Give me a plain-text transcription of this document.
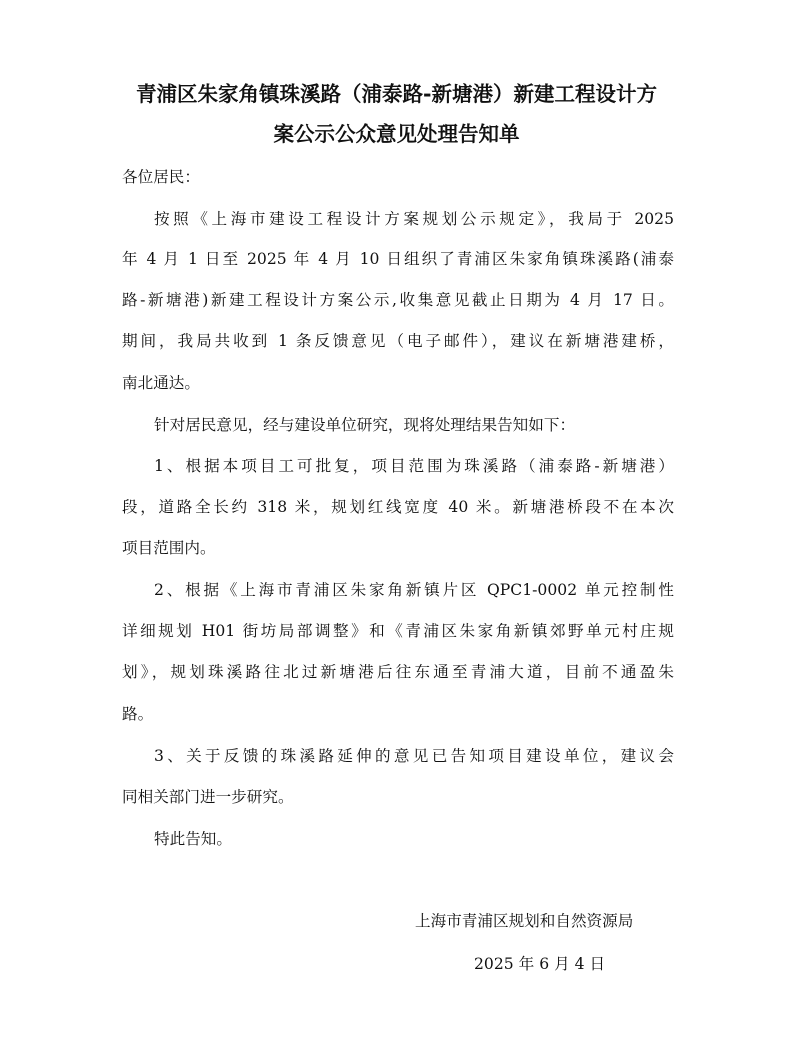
青浦区朱家角镇珠溪路（浦泰路-新塘港）新建工程设计方
案公示公众意见处理告知单

各位居民：

按照《上海市建设工程设计方案规划公示规定》，我局于 2025

年 4 月 1 日至 2025 年 4 月 10 日组织了青浦区朱家角镇珠溪路(浦泰

路-新塘港)新建工程设计方案公示,收集意见截止日期为 4 月 17 日。

期间，我局共收到 1 条反馈意见（电子邮件），建议在新塘港建桥，

南北通达。

针对居民意见，经与建设单位研究，现将处理结果告知如下：

1、根据本项目工可批复，项目范围为珠溪路（浦泰路-新塘港）

段，道路全长约 318 米，规划红线宽度 40 米。新塘港桥段不在本次

项目范围内。

2、根据《上海市青浦区朱家角新镇片区 QPC1-0002 单元控制性

详细规划 H01 街坊局部调整》和《青浦区朱家角新镇郊野单元村庄规

划》，规划珠溪路往北过新塘港后往东通至青浦大道，目前不通盈朱

路。

3、关于反馈的珠溪路延伸的意见已告知项目建设单位，建议会

同相关部门进一步研究。

特此告知。

上海市青浦区规划和自然资源局

2025 年 6 月 4 日
